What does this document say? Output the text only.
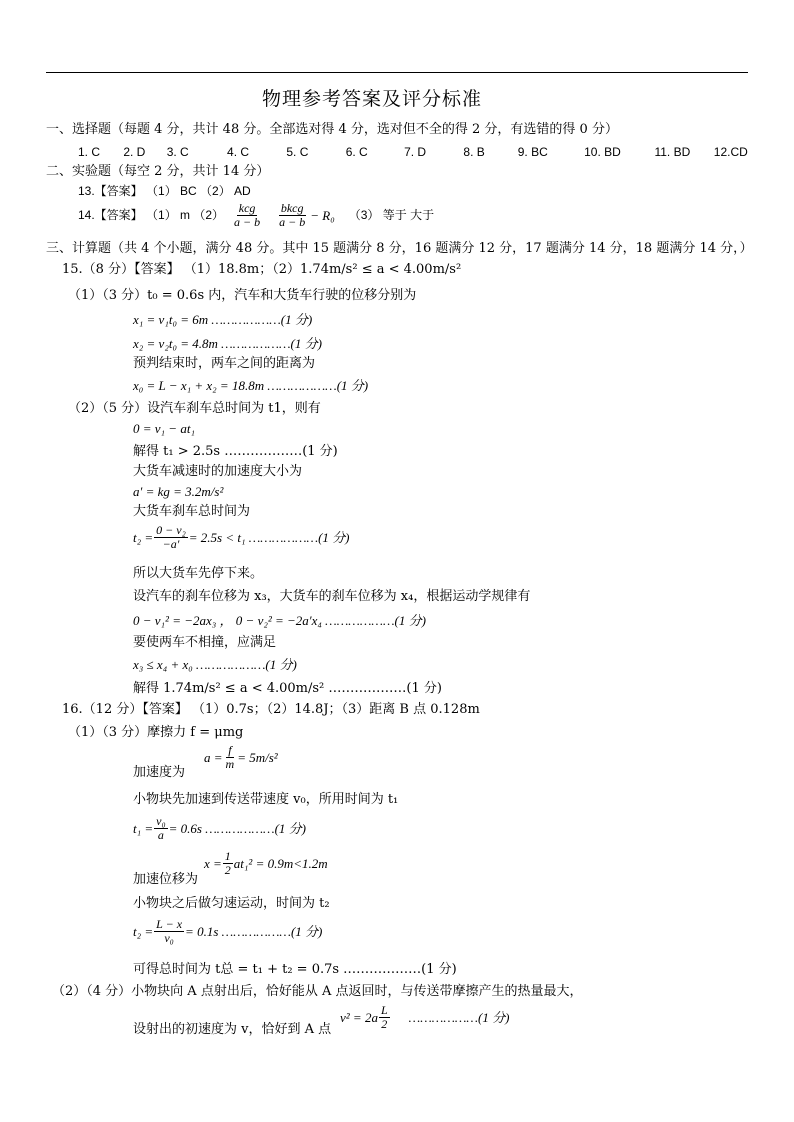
物理参考答案及评分标准
一、选择题（每题 4 分，共计 48 分。全部选对得 4 分，选对但不全的得 2 分，有选错的得 0 分）
1. C 2. D 3. C	4. C	5. C	6. C	7. D	8. B	9. BC	10. BD	11. BD 12.CD
二、实验题（每空 2 分，共计 14 分）
13.【答案】 （1） BC （2） AD
14.【答案】 （1） m $(2) \frac{\text{kcg}}{a - b} \frac{\text{bkcg}}{a - b} - R_0$ （3） 等于 大于
三、计算题（共 4 个小题，满分 48 分。其中 15 题满分 8 分，16 题满分 12 分，17 题满分 14 分，18 题满分 14 分，）
15.（8 分）【答案】 （1）18.8m；（2）1.74m/s² ≤ a < 4.00m/s²
（1）（3 分）t₀ = 0.6s 内，汽车和大货车行驶的位移分别为
x₁ = v₁t₀ = 6m ………………(1 分)
x₂ = v₂t₀ = 4.8m ………………(1 分)
预判结束时，两车之间的距离为
x₀ = L − x₁ + x₂ = 18.8m ………………(1 分)
（2）（5 分）设汽车刹车总时间为 t1，则有
0 = v₁ − at₁
解得 t₁ > 2.5s ………………(1 分)
大货车减速时的加速度大小为
a′ = kg = 3.2m/s²
大货车刹车总时间为
$t_2 = \frac{\text{0 − v₂}}{-a'} = 2.5s < t_1$ ………………(1 分)
所以大货车先停下来。
设汽车的刹车位移为 x₃，大货车的刹车位移为 x₄，根据运动学规律有
0 − v₁² = −2ax₃ ， 0 − v₂² = −2a′x₄ ………………(1 分)
要使两车不相撞，应满足
x₃ ≤ x₄ + x₀ ………………(1 分)
解得 1.74m/s² ≤ a < 4.00m/s² ………………(1 分)
16.（12 分）【答案】 （1）0.7s；（2）14.8J；（3）距离 B 点 0.128m
（1）（3 分）摩擦力 f = μmg
$a = \frac{f}{m} = 5m/s^2$
加速度为
小物块先加速到传送带速度 v₀，所用时间为 t₁
$t_1 = \frac{\text{v₀}}{a} = 0.6s$ ………………(1 分)
$x = \frac{1}{2} at_1^2 = 0.9m<1.2m$
加速位移为
小物块之后做匀速运动，时间为 t₂
$t_2 = \frac{L - x}{\text{v₀}} = 0.1s$ ………………(1 分)
可得总时间为 t总 = t₁ + t₂ = 0.7s ………………(1 分)
（2）（4 分）小物块向 A 点射出后，恰好能从 A 点返回时，与传送带摩擦产生的热量最大，
设射出的初速度为 v，恰好到 A 点
$v^2 = 2a \frac{L}{2}$ ………………(1 分)
